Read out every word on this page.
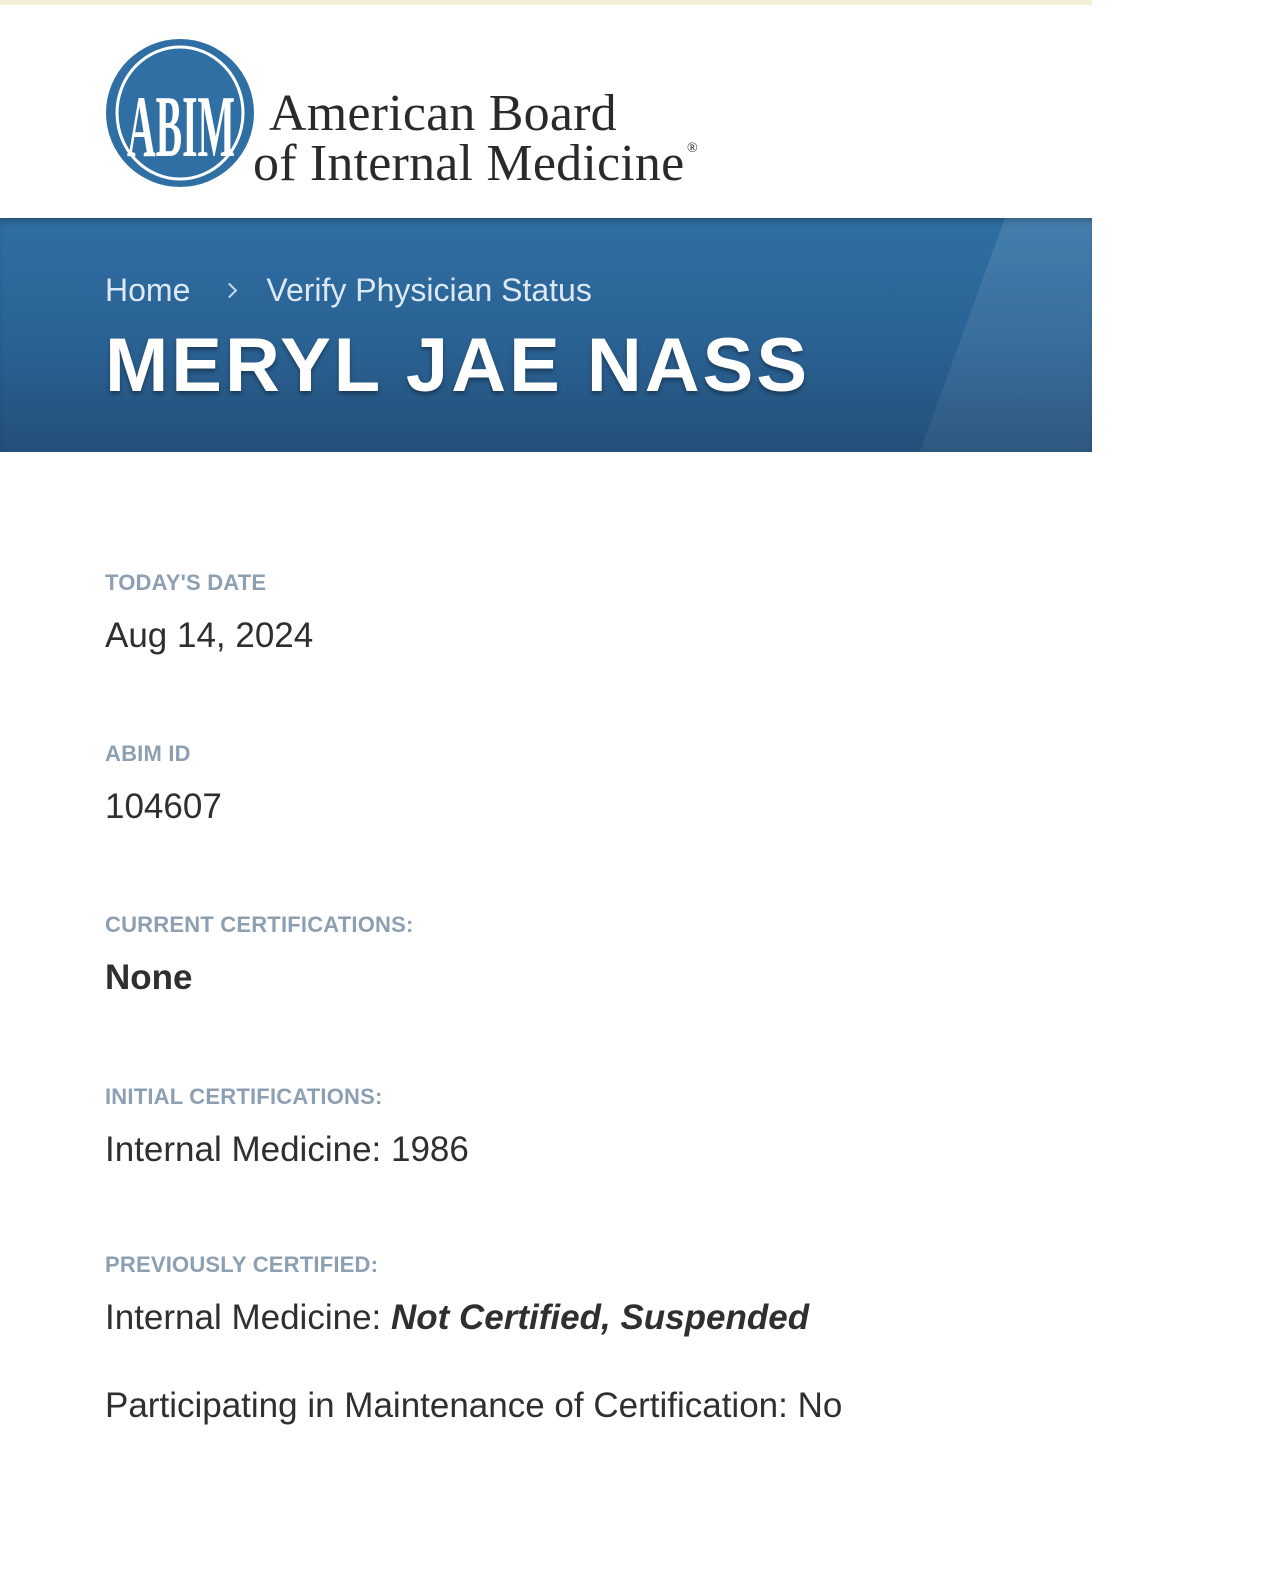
ABIM American Board
of Internal Medicine ®
Home Verify Physician Status
MERYL JAE NASS
TODAY'S DATE
Aug 14, 2024
ABIM ID
104607
CURRENT CERTIFICATIONS:
None
INITIAL CERTIFICATIONS:
Internal Medicine: 1986
PREVIOUSLY CERTIFIED:
Internal Medicine: Not Certified, Suspended
Participating in Maintenance of Certification: No
